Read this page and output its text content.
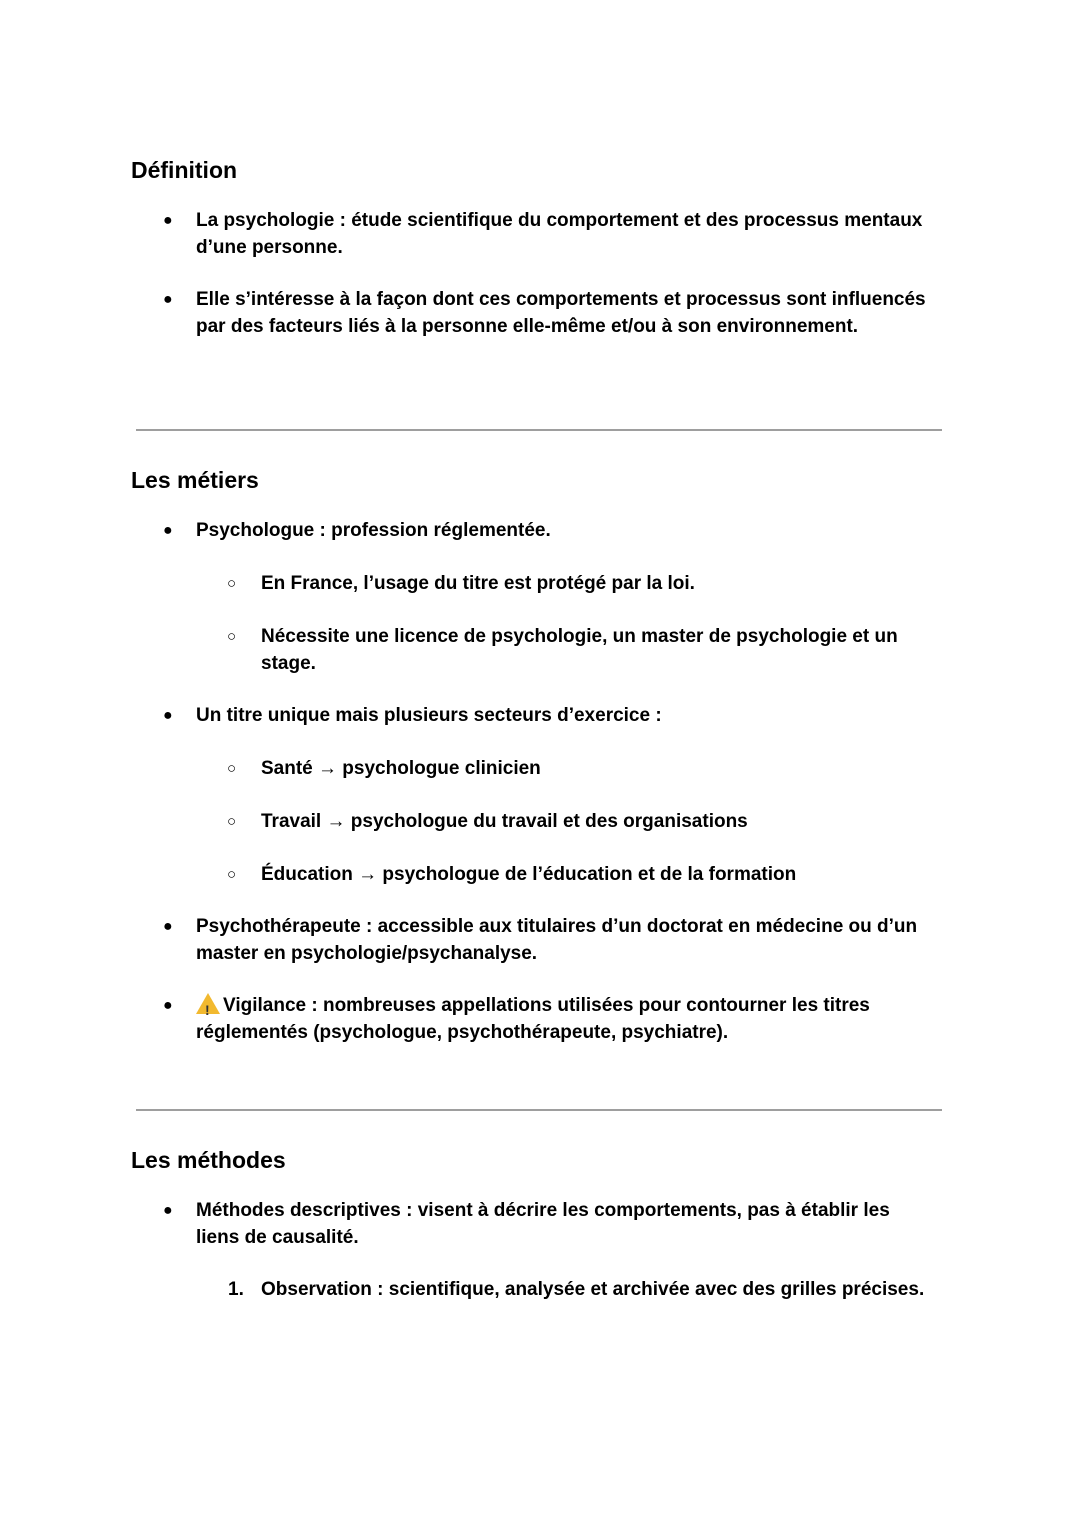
Définition
● La psychologie : étude scientifique du comportement et des processus mentaux d’une personne.
● Elle s’intéresse à la façon dont ces comportements et processus sont influencés par des facteurs liés à la personne elle-même et/ou à son environnement.
Les métiers
● Psychologue : profession réglementée.
○ En France, l’usage du titre est protégé par la loi.
○ Nécessite une licence de psychologie, un master de psychologie et un stage.
● Un titre unique mais plusieurs secteurs d’exercice :
○ Santé → psychologue clinicien
○ Travail → psychologue du travail et des organisations
○ Éducation → psychologue de l’éducation et de la formation
● Psychothérapeute : accessible aux titulaires d’un doctorat en médecine ou d’un master en psychologie/psychanalyse.
● !	Vigilance : nombreuses appellations utilisées pour contourner les titres réglementés (psychologue, psychothérapeute, psychiatre).
Les méthodes
● Méthodes descriptives : visent à décrire les comportements, pas à établir les liens de causalité.
1. Observation : scientifique, analysée et archivée avec des grilles précises.
